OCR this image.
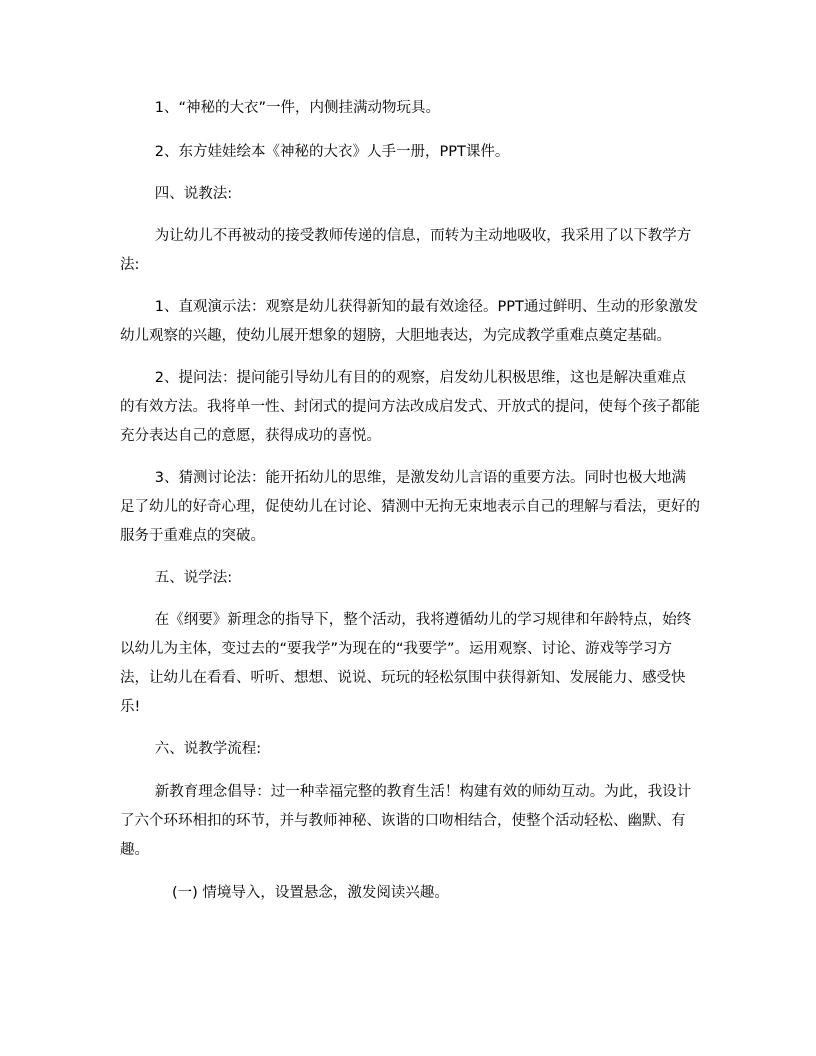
1、“神秘的大衣”一件，内侧挂满动物玩具。

2、东方娃娃绘本《神秘的大衣》人手一册，PPT课件。

四、说教法:

为让幼儿不再被动的接受教师传递的信息，而转为主动地吸收，我采用了以下教学方法:

1、直观演示法：观察是幼儿获得新知的最有效途径。PPT通过鲜明、生动的形象激发幼儿观察的兴趣，使幼儿展开想象的翅膀，大胆地表达，为完成教学重难点奠定基础。

2、提问法：提问能引导幼儿有目的的观察，启发幼儿积极思维，这也是解决重难点的有效方法。我将单一性、封闭式的提问方法改成启发式、开放式的提问，使每个孩子都能充分表达自己的意愿，获得成功的喜悦。

3、猜测讨论法：能开拓幼儿的思维，是激发幼儿言语的重要方法。同时也极大地满足了幼儿的好奇心理，促使幼儿在讨论、猜测中无拘无束地表示自己的理解与看法，更好的服务于重难点的突破。

五、说学法:

在《纲要》新理念的指导下，整个活动，我将遵循幼儿的学习规律和年龄特点，始终以幼儿为主体，变过去的“要我学”为现在的“我要学”。运用观察、讨论、游戏等学习方法，让幼儿在看看、听听、想想、说说、玩玩的轻松氛围中获得新知、发展能力、感受快乐!

六、说教学流程:

新教育理念倡导：过一种幸福完整的教育生活！构建有效的师幼互动。为此，我设计了六个环环相扣的环节，并与教师神秘、诙谐的口吻相结合，使整个活动轻松、幽默、有趣。

(一) 情境导入，设置悬念，激发阅读兴趣。
